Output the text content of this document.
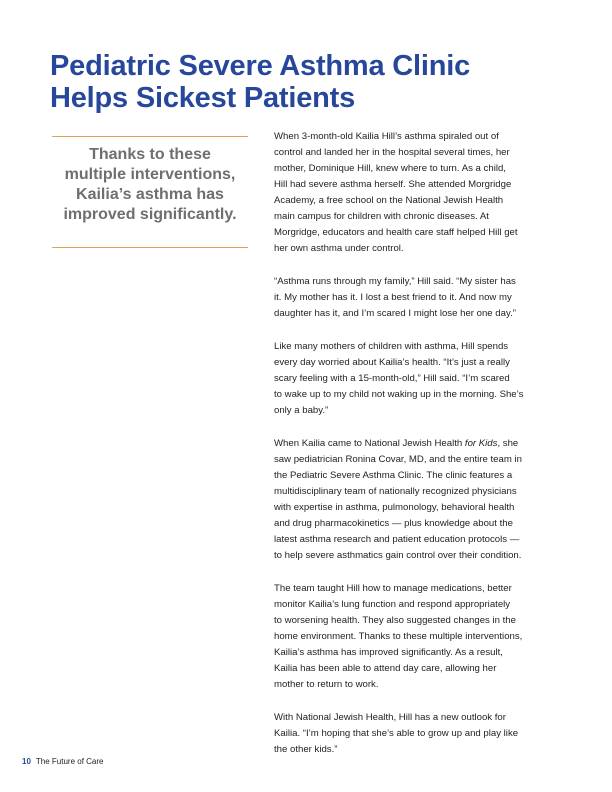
Pediatric Severe Asthma Clinic
Helps Sickest Patients

Thanks to these
multiple interventions,
Kailia’s asthma has
improved significantly.

When 3-month-old Kailia Hill’s asthma spiraled out of
control and landed her in the hospital several times, her
mother, Dominique Hill, knew where to turn. As a child,
Hill had severe asthma herself. She attended Morgridge
Academy, a free school on the National Jewish Health
main campus for children with chronic diseases. At
Morgridge, educators and health care staff helped Hill get
her own asthma under control.

“Asthma runs through my family,” Hill said. “My sister has
it. My mother has it. I lost a best friend to it. And now my
daughter has it, and I’m scared I might lose her one day.”

Like many mothers of children with asthma, Hill spends
every day worried about Kailia’s health. “It’s just a really
scary feeling with a 15-month-old,” Hill said. “I’m scared
to wake up to my child not waking up in the morning. She’s
only a baby.”

When Kailia came to National Jewish Health for Kids, she
saw pediatrician Ronina Covar, MD, and the entire team in
the Pediatric Severe Asthma Clinic. The clinic features a
multidisciplinary team of nationally recognized physicians
with expertise in asthma, pulmonology, behavioral health
and drug pharmacokinetics — plus knowledge about the
latest asthma research and patient education protocols —
to help severe asthmatics gain control over their condition.

The team taught Hill how to manage medications, better
monitor Kailia’s lung function and respond appropriately
to worsening health. They also suggested changes in the
home environment. Thanks to these multiple interventions,
Kailia’s asthma has improved significantly. As a result,
Kailia has been able to attend day care, allowing her
mother to return to work.

With National Jewish Health, Hill has a new outlook for
Kailia. “I’m hoping that she’s able to grow up and play like
the other kids.”

10 The Future of Care
